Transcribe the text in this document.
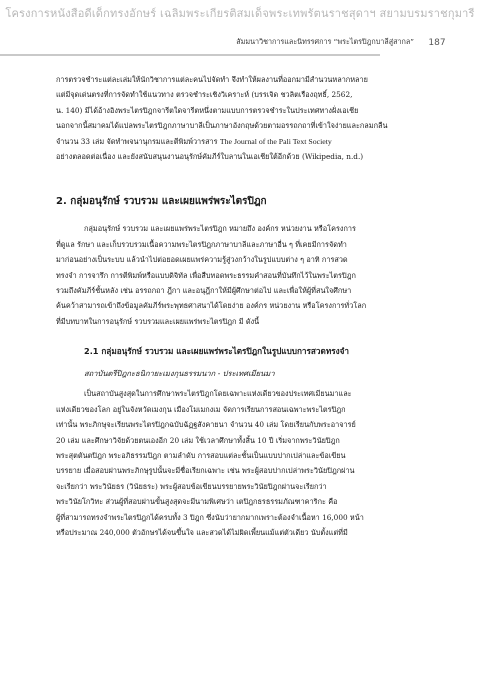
โครงการหนังสือดีเด็กทรงอักษร์ เฉลิมพระเกียรติสมเด็จพระเทพรัตนราชสุดาฯ สยามบรมราชกุมารี
สัมมนาวิชาการและนิทรรศการ “พระไตรปิฎกบาลีสู่สากล”	187

การตรวจชำระแต่ละเล่มให้นักวิชาการแต่ละคนไปจัดทำ จึงทำให้ผลงานที่ออกมามีสำนวนหลากหลาย
แต่มีจุดเด่นตรงที่การจัดทำใช้แนวทาง ตรวจชำระเชิงวิเคราะห์ (บรรเจิด ชวลิตเรืองฤทธิ์, 2562,
น. 140) มีได้อ้างอิงพระไตรปิฎกจารีตใดจารีตหนึ่งตามแบบการตรวจชำระในประเทศทางฝั่งเอเชีย
นอกจากนี้สมาคมได้แปลพระไตรปิฎกภาษาบาลีเป็นภาษาอังกฤษด้วยตามอรรถกถาที่เข้าใจง่ายและกลมกลืน
จำนวน 33 เล่ม จัดทำพจนานุกรมและตีพิมพ์วารสาร The Journal of the Pali Text Society
อย่างตลอดต่อเนื่อง และยังสนับสนุนงานอนุรักษ์คัมภีร์ใบลานในเอเชียใต้อีกด้วย (Wikipedia, n.d.)

2. กลุ่มอนุรักษ์ รวบรวม และเผยแพร่พระไตรปิฎก

กลุ่มอนุรักษ์ รวบรวม และเผยแพร่พระไตรปิฎก หมายถึง องค์กร หน่วยงาน หรือโครงการ
ที่ดูแล รักษา และเก็บรวบรวมเนื้อความพระไตรปิฎกภาษาบาลีและภาษาอื่น ๆ ที่เคยมีการจัดทำ
มาก่อนอย่างเป็นระบบ แล้วนำไปต่อยอดเผยแพร่ความรู้สู่วงกว้างในรูปแบบต่าง ๆ อาทิ การสวด
ทรงจำ การจารึก การตีพิมพ์หรือแบบดิจิทัล เพื่อสืบทอดพระธรรมคำสอนที่บันทึกไว้ในพระไตรปิฎก
รวมถึงคัมภีร์ชั้นหลัง เช่น อรรถกถา ฎีกา และอนุฎีกาให้มีผู้ศึกษาต่อไป และเพื่อให้ผู้ที่สนใจศึกษา
ค้นคว้าสามารถเข้าถึงข้อมูลคัมภีร์พระพุทธศาสนาได้โดยง่าย องค์กร หน่วยงาน หรือโครงการทั่วโลก
ที่มีบทบาทในการอนุรักษ์ รวบรวมและเผยแพร่พระไตรปิฎก มี ดังนี้

2.1 กลุ่มอนุรักษ์ รวบรวม และเผยแพร่พระไตรปิฎกในรูปแบบการสวดทรงจำ
สถาบันตรีปิฎกะธนิกายะเมงกุนธรรมนาก - ประเทศเมียนมา

เป็นสถาบันสูงสุดในการศึกษาพระไตรปิฎกโดยเฉพาะแห่งเดียวของประเทศเมียนมาและ
แห่งเดียวของโลก อยู่ในจังหวัดเมงกุน เมืองโมเมกงเม จัดการเรียนการสอนเฉพาะพระไตรปิฎก
เท่านั้น พระภิกษุจะเรียนพระไตรปิฎกฉบับฉัฏฐสังคายนา จำนวน 40 เล่ม โดยเรียนกับพระอาจารย์
20 เล่ม และศึกษาวิจัยด้วยตนเองอีก 20 เล่ม ใช้เวลาศึกษาทั้งสิ้น 10 ปี เริ่มจากพระวินัยปิฎก
พระสุตตันตปิฎก พระอภิธรรมปิฎก ตามลำดับ การสอบแต่ละชั้นเป็นแบบปากเปล่าและข้อเขียน
บรรยาย เมื่อสอบผ่านพระภิกษุรูปนั้นจะมีชื่อเรียกเฉพาะ เช่น พระผู้สอบปากเปล่าพระวินัยปิฎกผ่าน
จะเรียกว่า พระวินัยธร (วินัยธระ) พระผู้สอบข้อเขียนบรรยายพระวินัยปิฎกผ่านจะเรียกว่า
พระวินัยโกวิทะ ส่วนผู้ที่สอบผ่านขั้นสูงสุดจะมีนามพิเศษว่า เตปิฎกธรธรรมภัณฑาคาริกะ คือ
ผู้ที่สามารถทรงจำพระไตรปิฎกได้ครบทั้ง 3 ปิฎก ซึ่งนับว่ายากมากเพราะต้องจำเนื้อหา 16,000 หน้า
หรือประมาณ 240,000 ตัวอักษรได้จนขึ้นใจ และสวดได้ไม่ผิดเพี้ยนแม้แต่ตัวเดียว นับตั้งแต่ที่มี
